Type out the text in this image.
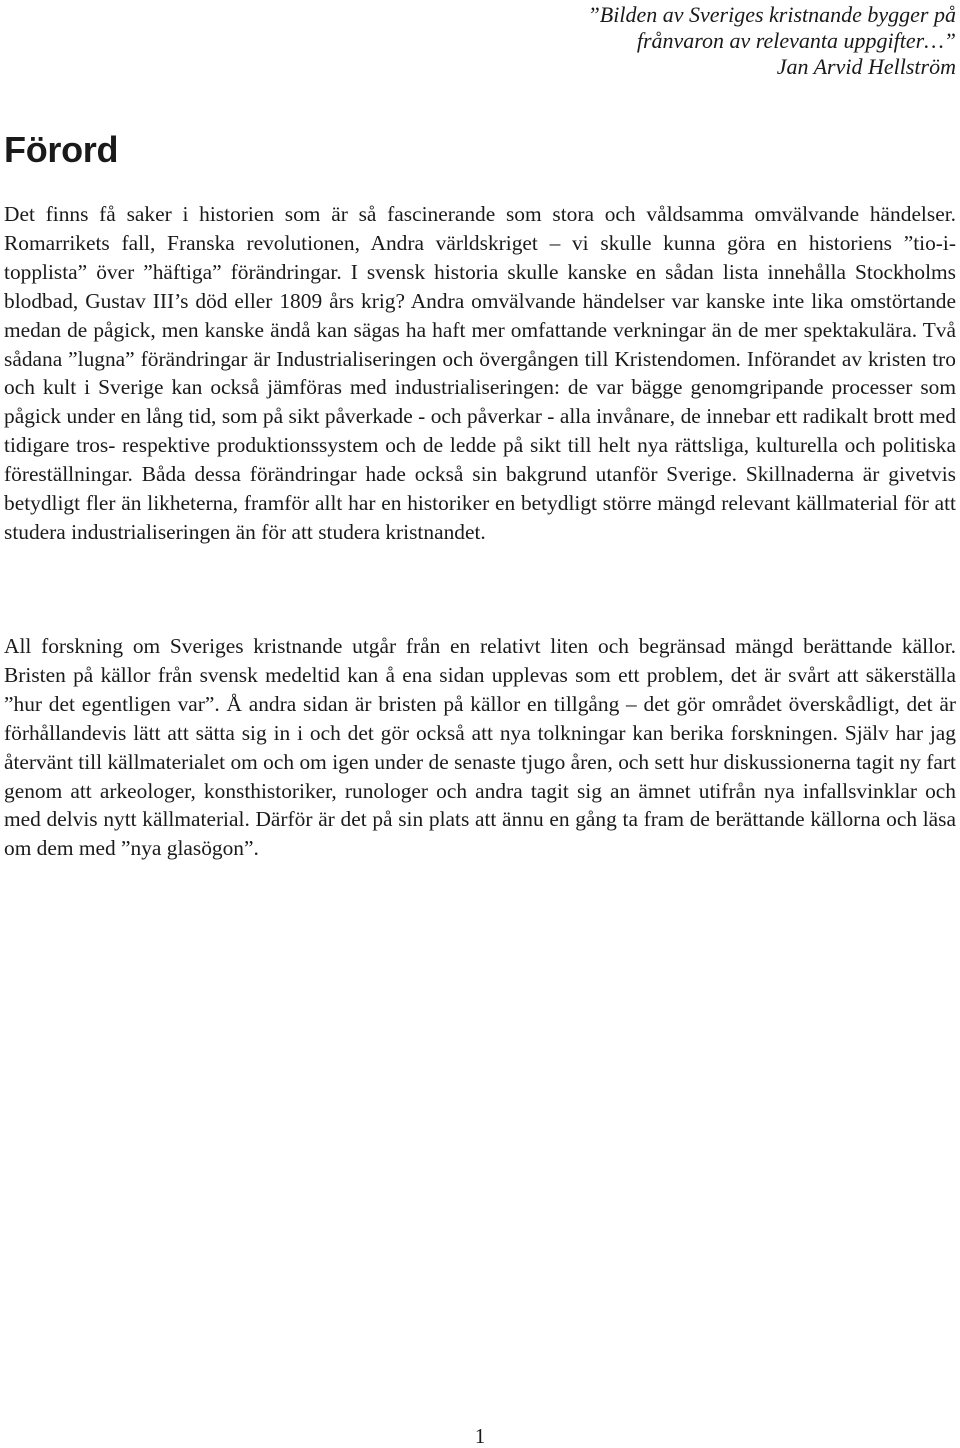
”Bilden av Sveriges kristnande bygger på
frånvaron av relevanta uppgifter…”
Jan Arvid Hellström
Förord

Det finns få saker i historien som är så fascinerande som stora och våldsamma omvälvande händelser. Romarrikets fall, Franska revolutionen, Andra världskriget – vi skulle kunna göra en historiens ”tio-i-topplista” över ”häftiga” förändringar. I svensk historia skulle kanske en sådan lista innehålla Stockholms blodbad, Gustav III’s död eller 1809 års krig? Andra omvälvande händelser var kanske inte lika omstörtande medan de pågick, men kanske ändå kan sägas ha haft mer omfattande verkningar än de mer spektakulära. Två sådana ”lugna” förändringar är Industrialiseringen och övergången till Kristendomen. Införandet av kristen tro och kult i Sverige kan också jämföras med industrialiseringen: de var bägge genomgripande processer som pågick under en lång tid, som på sikt påverkade - och påverkar - alla invånare, de innebar ett radikalt brott med tidigare tros- respektive produktionssystem och de ledde på sikt till helt nya rättsliga, kulturella och politiska föreställningar. Båda dessa förändringar hade också sin bakgrund utanför Sverige. Skillnaderna är givetvis betydligt fler än likheterna, framför allt har en historiker en betydligt större mängd relevant källmaterial för att studera industrialiseringen än för att studera kristnandet.

All forskning om Sveriges kristnande utgår från en relativt liten och begränsad mängd berättande källor. Bristen på källor från svensk medeltid kan å ena sidan upplevas som ett problem, det är svårt att säkerställa ”hur det egentligen var”. Å andra sidan är bristen på källor en tillgång – det gör området överskådligt, det är förhållandevis lätt att sätta sig in i och det gör också att nya tolkningar kan berika forskningen. Själv har jag återvänt till källmaterialet om och om igen under de senaste tjugo åren, och sett hur diskussionerna tagit ny fart genom att arkeologer, konsthistoriker, runologer och andra tagit sig an ämnet utifrån nya infallsvinklar och med delvis nytt källmaterial. Därför är det på sin plats att ännu en gång ta fram de berättande källorna och läsa om dem med ”nya glasögon”.

1
